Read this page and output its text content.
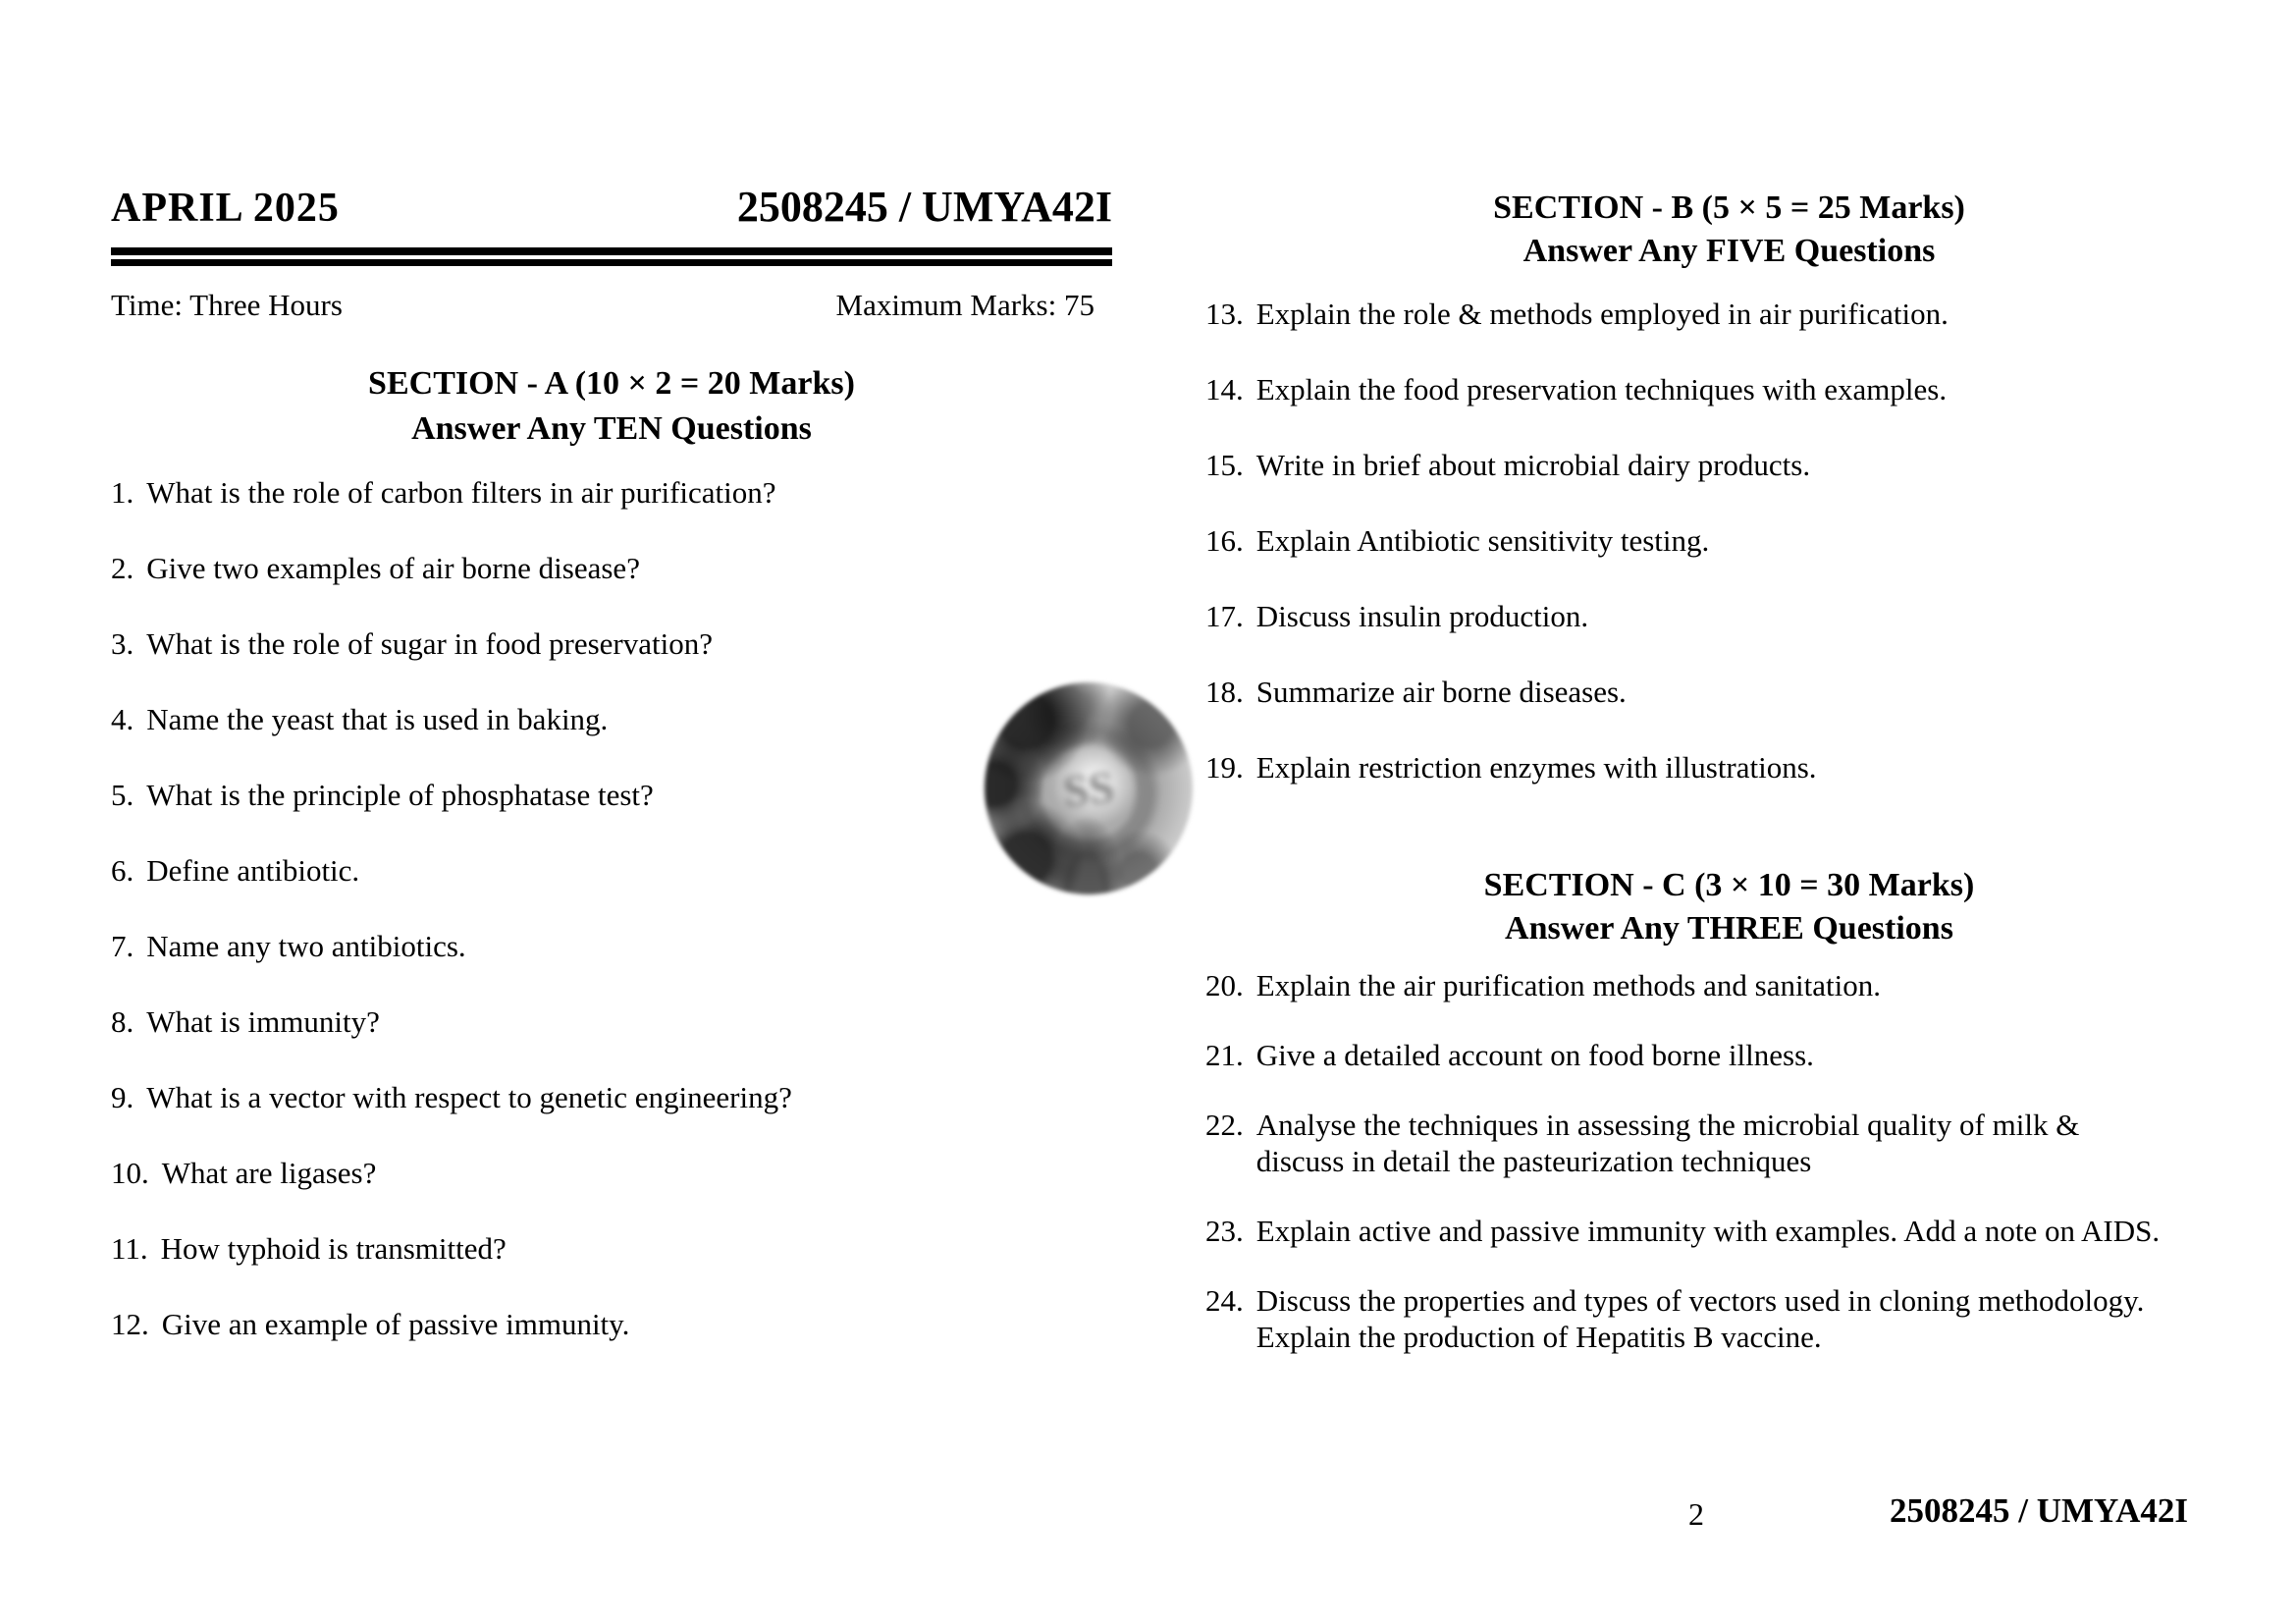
APRIL 2025	2508245 / UMYA42I
Time: Three Hours	Maximum Marks: 75
SECTION - A (10 × 2 = 20 Marks)
Answer Any TEN Questions
1. What is the role of carbon filters in air purification?
2. Give two examples of air borne disease?
3. What is the role of sugar in food preservation?
4. Name the yeast that is used in baking.
5. What is the principle of phosphatase test?
6. Define antibiotic.
7. Name any two antibiotics.
8. What is immunity?
9. What is a vector with respect to genetic engineering?
10. What are ligases?
11. How typhoid is transmitted?
12. Give an example of passive immunity.
SECTION - B (5 × 5 = 25 Marks)
Answer Any FIVE Questions
13. Explain the role & methods employed in air purification.
14. Explain the food preservation techniques with examples.
15. Write in brief about microbial dairy products.
16. Explain Antibiotic sensitivity testing.
17. Discuss insulin production.
18. Summarize air borne diseases.
19. Explain restriction enzymes with illustrations.
SECTION - C (3 × 10 = 30 Marks)
Answer Any THREE Questions
20. Explain the air purification methods and sanitation.
21. Give a detailed account on food borne illness.
22. Analyse the techniques in assessing the microbial quality of milk &
discuss in detail the pasteurization techniques
23. Explain active and passive immunity with examples. Add a note on AIDS.
24. Discuss the properties and types of vectors used in cloning methodology.
Explain the production of Hepatitis B vaccine.
SS
2	2508245 / UMYA42I
